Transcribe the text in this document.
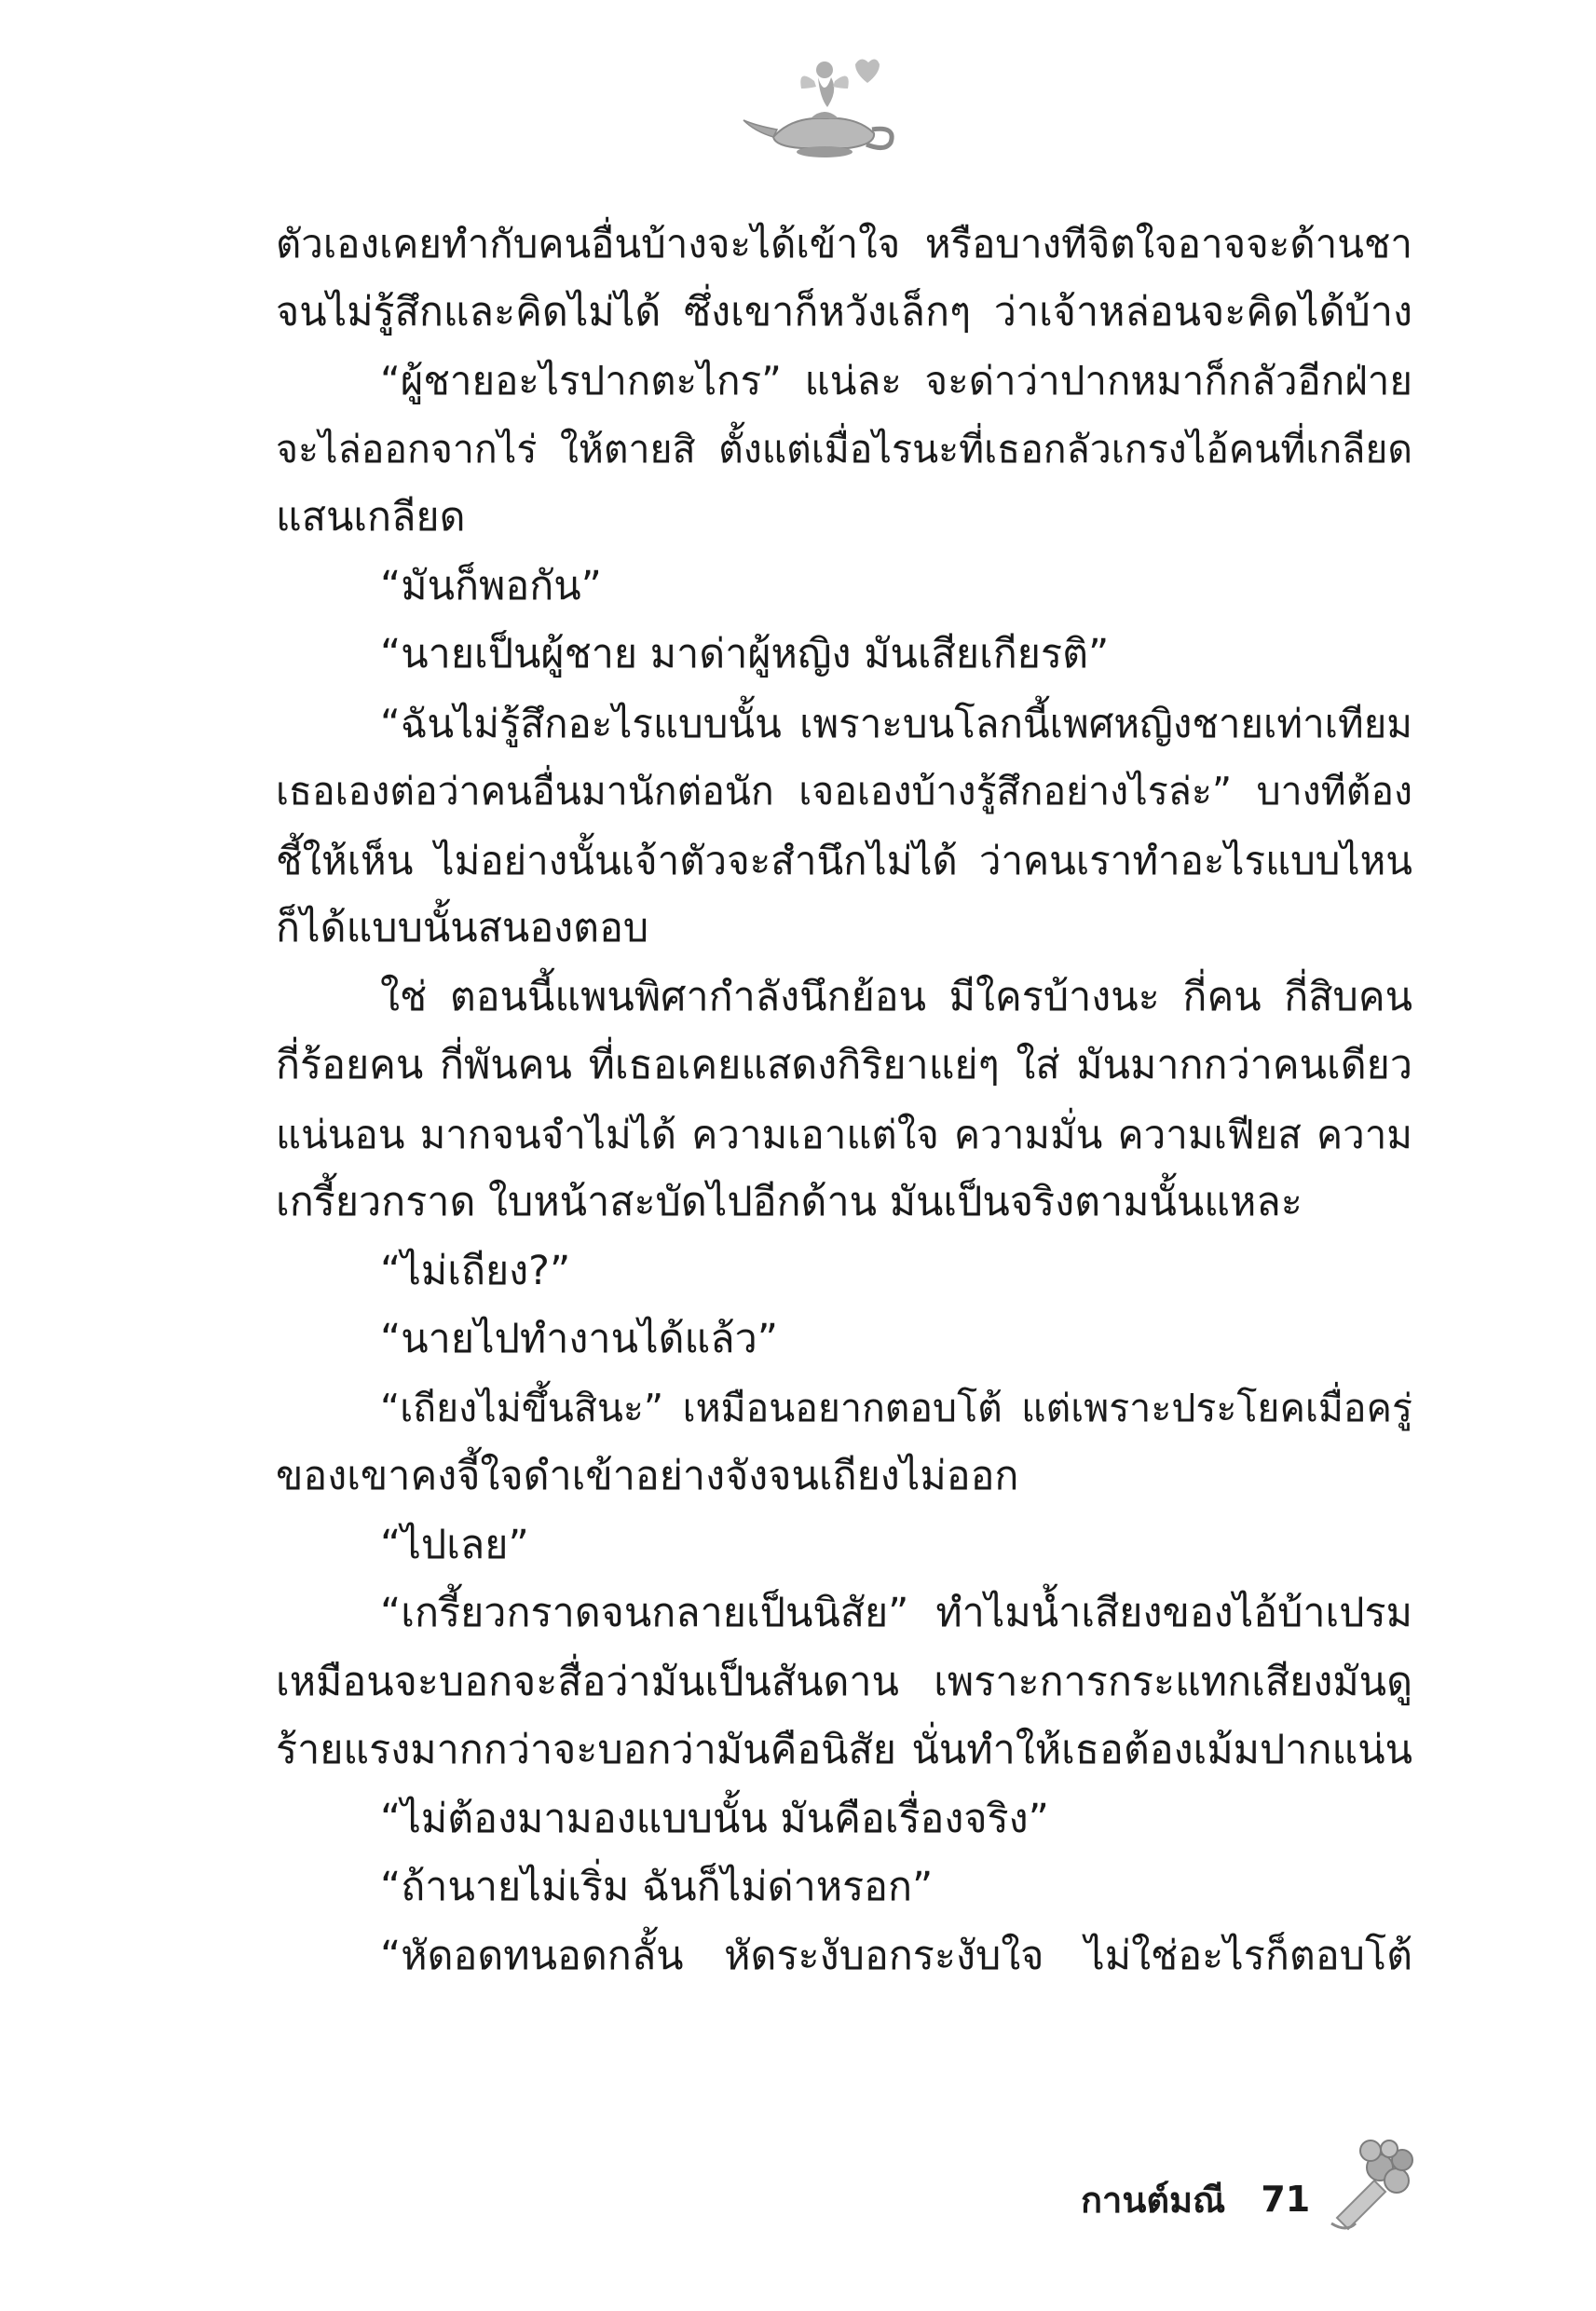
ตัวเองเคยทำกับคนอื่นบ้างจะได้เข้าใจ หรือบางทีจิตใจอาจจะด้านชา
จนไม่รู้สึกและคิดไม่ได้ ซึ่งเขาก็หวังเล็กๆ ว่าเจ้าหล่อนจะคิดได้บ้าง
“ผู้ชายอะไรปากตะไกร” แน่ละ จะด่าว่าปากหมาก็กลัวอีกฝ่าย
จะไล่ออกจากไร่ ให้ตายสิ ตั้งแต่เมื่อไรนะที่เธอกลัวเกรงไอ้คนที่เกลียด
แสนเกลียด
“มันก็พอกัน”
“นายเป็นผู้ชาย มาด่าผู้หญิง มันเสียเกียรติ”
“ฉันไม่รู้สึกอะไรแบบนั้น เพราะบนโลกนี้เพศหญิงชายเท่าเทียม
เธอเองต่อว่าคนอื่นมานักต่อนัก เจอเองบ้างรู้สึกอย่างไรล่ะ” บางทีต้อง
ชี้ให้เห็น ไม่อย่างนั้นเจ้าตัวจะสำนึกไม่ได้ ว่าคนเราทำอะไรแบบไหน
ก็ได้แบบนั้นสนองตอบ
ใช่ ตอนนี้แพนพิศากำลังนึกย้อน มีใครบ้างนะ กี่คน กี่สิบคน
กี่ร้อยคน กี่พันคน ที่เธอเคยแสดงกิริยาแย่ๆ ใส่ มันมากกว่าคนเดียว
แน่นอน มากจนจำไม่ได้ ความเอาแต่ใจ ความมั่น ความเฟียส ความ
เกรี้ยวกราด ใบหน้าสะบัดไปอีกด้าน มันเป็นจริงตามนั้นแหละ
“ไม่เถียง?”
“นายไปทำงานได้แล้ว”
“เถียงไม่ขึ้นสินะ” เหมือนอยากตอบโต้ แต่เพราะประโยคเมื่อครู่
ของเขาคงจี้ใจดำเข้าอย่างจังจนเถียงไม่ออก
“ไปเลย”
“เกรี้ยวกราดจนกลายเป็นนิสัย” ทำไมน้ำเสียงของไอ้บ้าเปรม
เหมือนจะบอกจะสื่อว่ามันเป็นสันดาน เพราะการกระแทกเสียงมันดู
ร้ายแรงมากกว่าจะบอกว่ามันคือนิสัย นั่นทำให้เธอต้องเม้มปากแน่น
“ไม่ต้องมามองแบบนั้น มันคือเรื่องจริง”
“ถ้านายไม่เริ่ม ฉันก็ไม่ด่าหรอก”
“หัดอดทนอดกลั้น หัดระงับอกระงับใจ ไม่ใช่อะไรก็ตอบโต้
กานต์มณี 71
